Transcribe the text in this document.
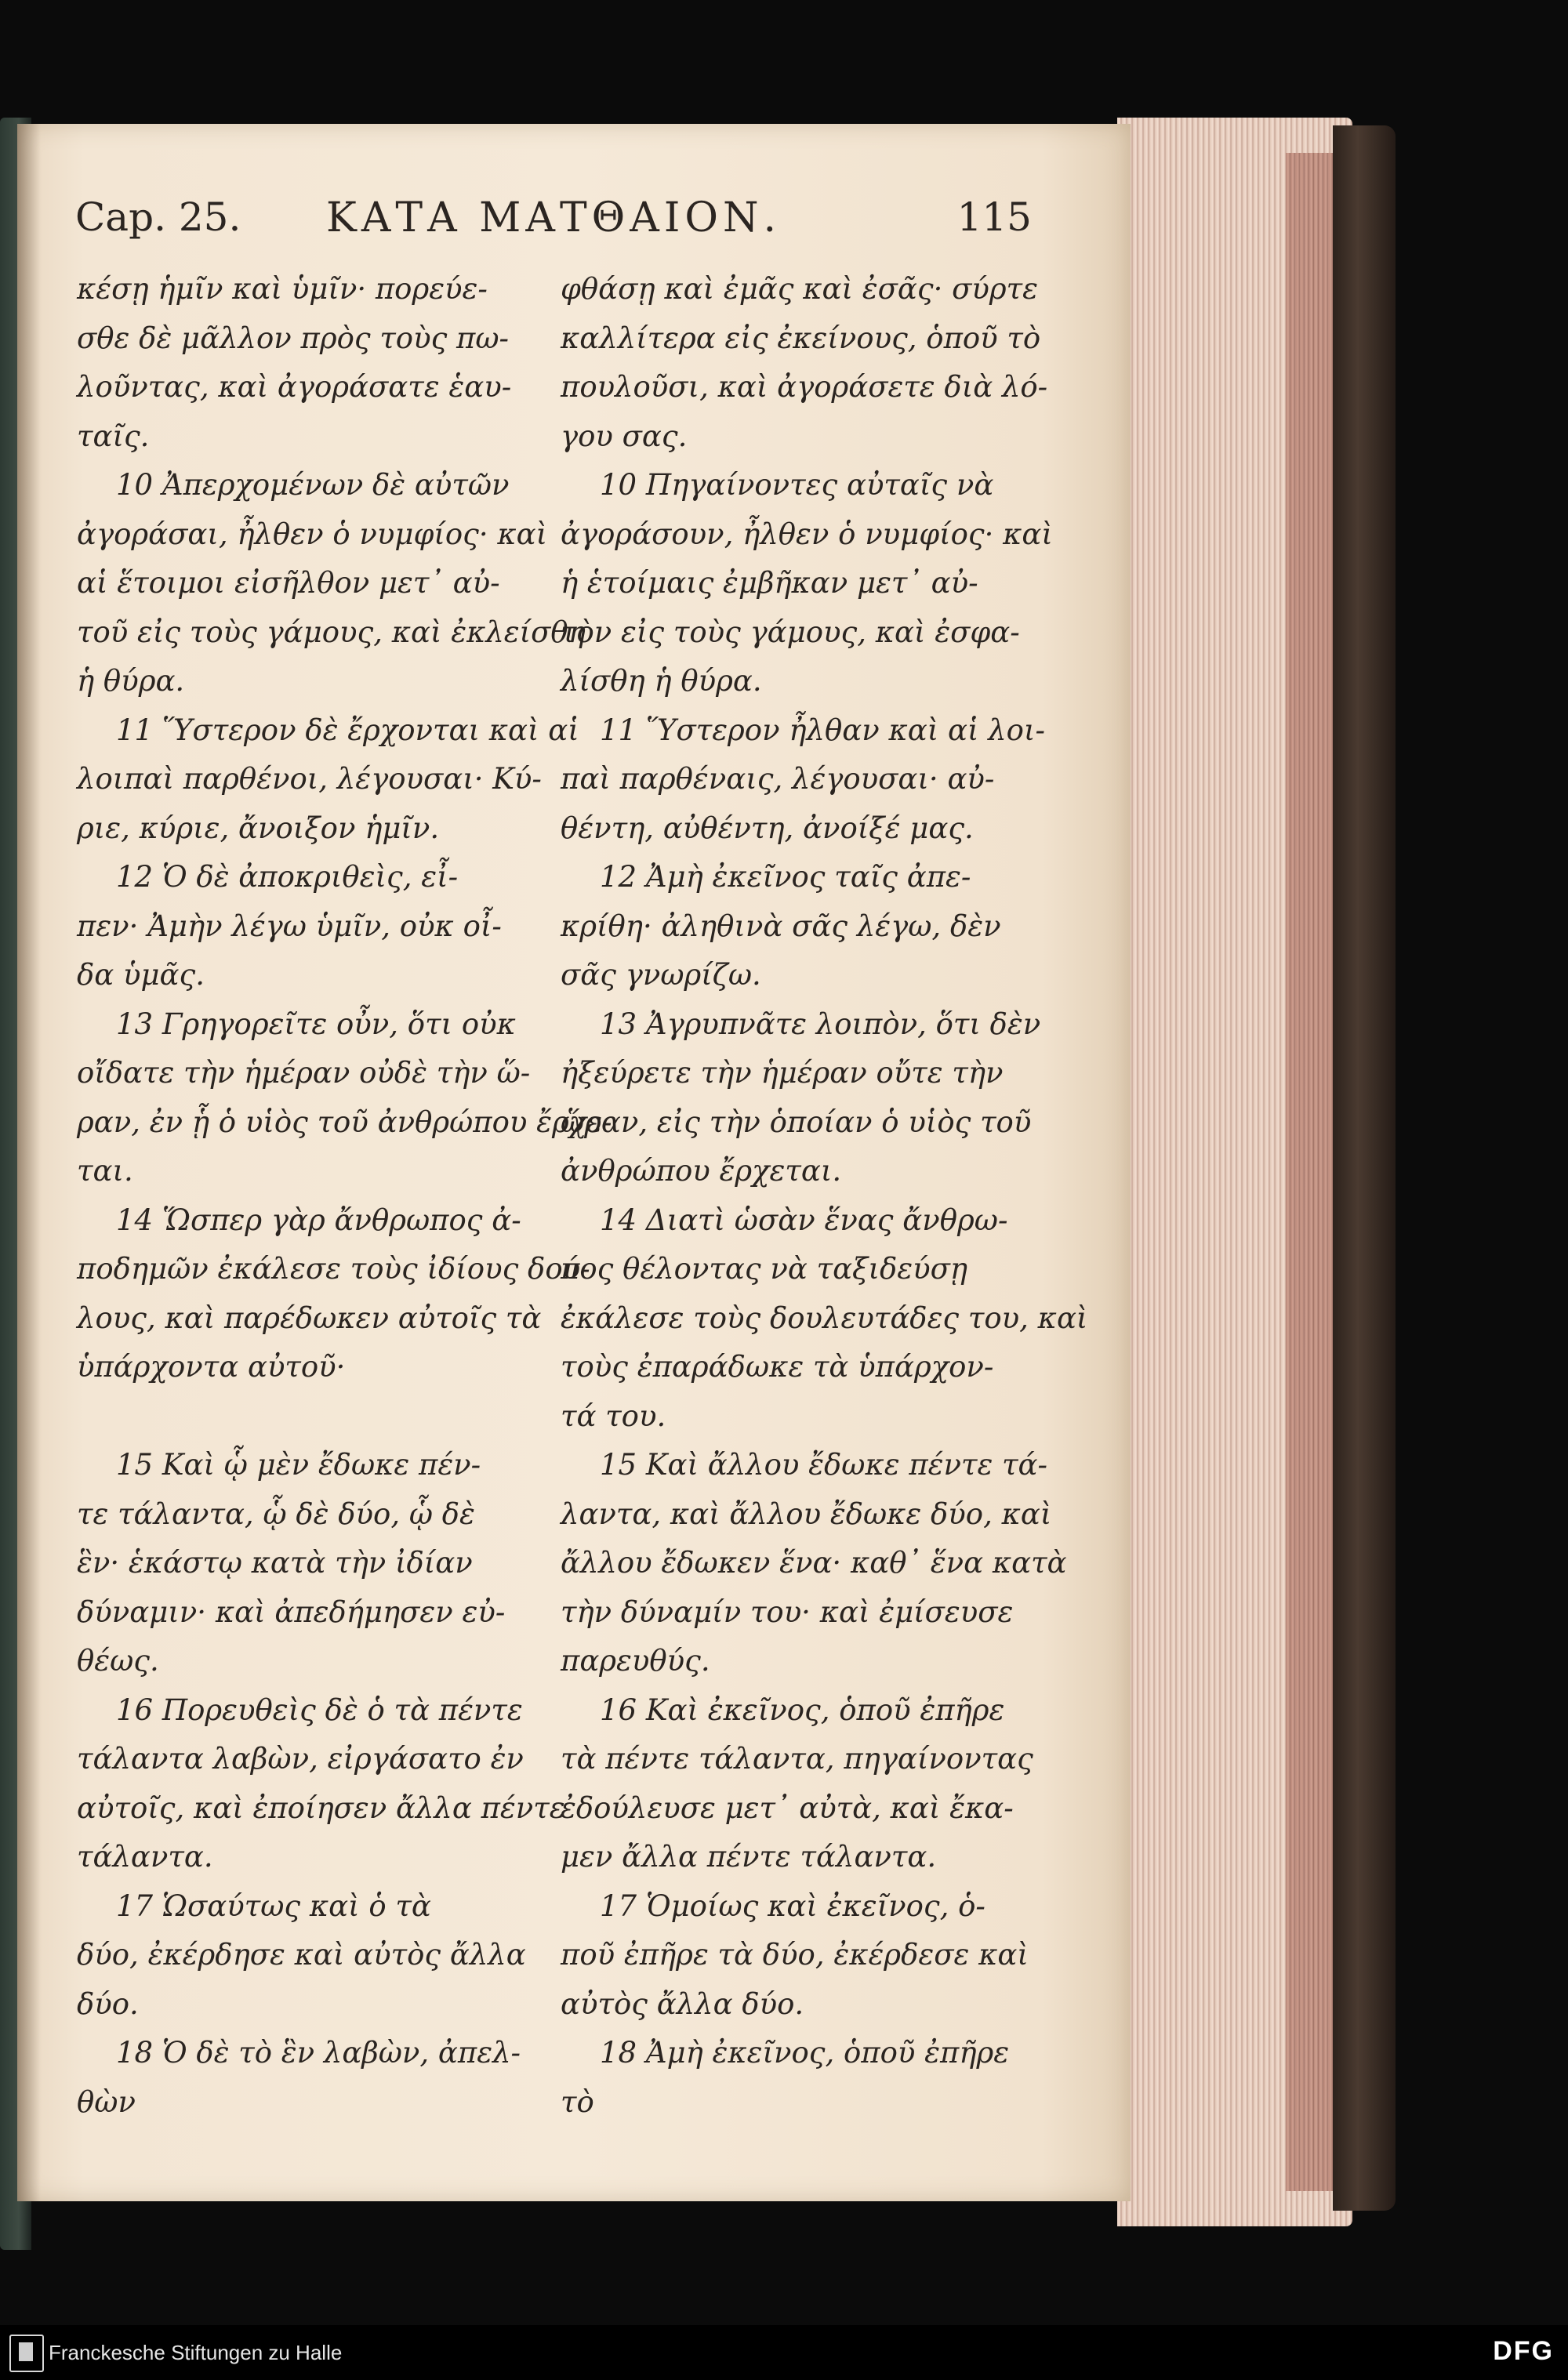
Cap. 25. ΚΑΤΑ ΜΑΤΘΑΙΟΝ.	115
κέσῃ ἡμῖν καὶ ὑμῖν· πορεύε-
σθε δὲ μᾶλλον πρὸς τοὺς πω-
λοῦντας, καὶ ἀγοράσατε ἑαυ-
ταῖς.
10 Ἀπερχομένων δὲ αὐτῶν
ἀγοράσαι, ἦλθεν ὁ νυμφίος· καὶ
αἱ ἕτοιμοι εἰσῆλθον μετ᾽ αὐ-
τοῦ εἰς τοὺς γάμους, καὶ ἐκλείσθη
ἡ θύρα.
11 Ὕστερον δὲ ἔρχονται καὶ αἱ
λοιπαὶ παρθένοι, λέγουσαι· Κύ-
ριε, κύριε, ἄνοιξον ἡμῖν.
12 Ὁ δὲ ἀποκριθεὶς, εἶ-
πεν· Ἀμὴν λέγω ὑμῖν, οὐκ οἶ-
δα ὑμᾶς.
13 Γρηγορεῖτε οὖν, ὅτι οὐκ
οἴδατε τὴν ἡμέραν οὐδὲ τὴν ὥ-
ραν, ἐν ᾗ ὁ υἱὸς τοῦ ἀνθρώπου ἔρχε-
ται.
14 Ὥσπερ γὰρ ἄνθρωπος ἀ-
ποδημῶν ἐκάλεσε τοὺς ἰδίους δού-
λους, καὶ παρέδωκεν αὐτοῖς τὰ
ὑπάρχοντα αὐτοῦ·
15 Καὶ ᾧ μὲν ἔδωκε πέν-
τε τάλαντα, ᾧ δὲ δύο, ᾧ δὲ
ἓν· ἑκάστῳ κατὰ τὴν ἰδίαν
δύναμιν· καὶ ἀπεδήμησεν εὐ-
θέως.
16 Πορευθεὶς δὲ ὁ τὰ πέντε
τάλαντα λαβὼν, εἰργάσατο ἐν
αὐτοῖς, καὶ ἐποίησεν ἄλλα πέντε
τάλαντα.
17 Ὡσαύτως καὶ ὁ τὰ
δύο, ἐκέρδησε καὶ αὐτὸς ἄλλα
δύο.
18 Ὁ δὲ τὸ ἓν λαβὼν, ἀπελ-
θὼν
φθάσῃ καὶ ἐμᾶς καὶ ἐσᾶς· σύρτε
καλλίτερα εἰς ἐκείνους, ὁποῦ τὸ
πουλοῦσι, καὶ ἀγοράσετε διὰ λό-
γου σας.
10 Πηγαίνοντες αὐταῖς νὰ
ἀγοράσουν, ἦλθεν ὁ νυμφίος· καὶ
ἡ ἑτοίμαις ἐμβῆκαν μετ᾽ αὐ-
τὸν εἰς τοὺς γάμους, καὶ ἐσφα-
λίσθη ἡ θύρα.
11 Ὕστερον ἦλθαν καὶ αἱ λοι-
παὶ παρθέναις, λέγουσαι· αὐ-
θέντη, αὐθέντη, ἀνοίξέ μας.
12 Ἀμὴ ἐκεῖνος ταῖς ἀπε-
κρίθη· ἀληθινὰ σᾶς λέγω, δὲν
σᾶς γνωρίζω.
13 Ἀγρυπνᾶτε λοιπὸν, ὅτι δὲν
ἠξεύρετε τὴν ἡμέραν οὔτε τὴν
ὥραν, εἰς τὴν ὁποίαν ὁ υἱὸς τοῦ
ἀνθρώπου ἔρχεται.
14 Διατὶ ὡσὰν ἕνας ἄνθρω-
πος θέλοντας νὰ ταξιδεύσῃ
ἐκάλεσε τοὺς δουλευτάδες του, καὶ
τοὺς ἐπαράδωκε τὰ ὑπάρχον-
τά του.
15 Καὶ ἄλλου ἔδωκε πέντε τά-
λαντα, καὶ ἄλλου ἔδωκε δύο, καὶ
ἄλλου ἔδωκεν ἕνα· καθ᾽ ἕνα κατὰ
τὴν δύναμίν του· καὶ ἐμίσευσε
παρευθύς.
16 Καὶ ἐκεῖνος, ὁποῦ ἐπῆρε
τὰ πέντε τάλαντα, πηγαίνοντας
ἐδούλευσε μετ᾽ αὐτὰ, καὶ ἔκα-
μεν ἄλλα πέντε τάλαντα.
17 Ὁμοίως καὶ ἐκεῖνος, ὁ-
ποῦ ἐπῆρε τὰ δύο, ἐκέρδεσε καὶ
αὐτὸς ἄλλα δύο.
18 Ἀμὴ ἐκεῖνος, ὁποῦ ἐπῆρε
τὸ
Franckesche Stiftungen zu Halle	DFG
